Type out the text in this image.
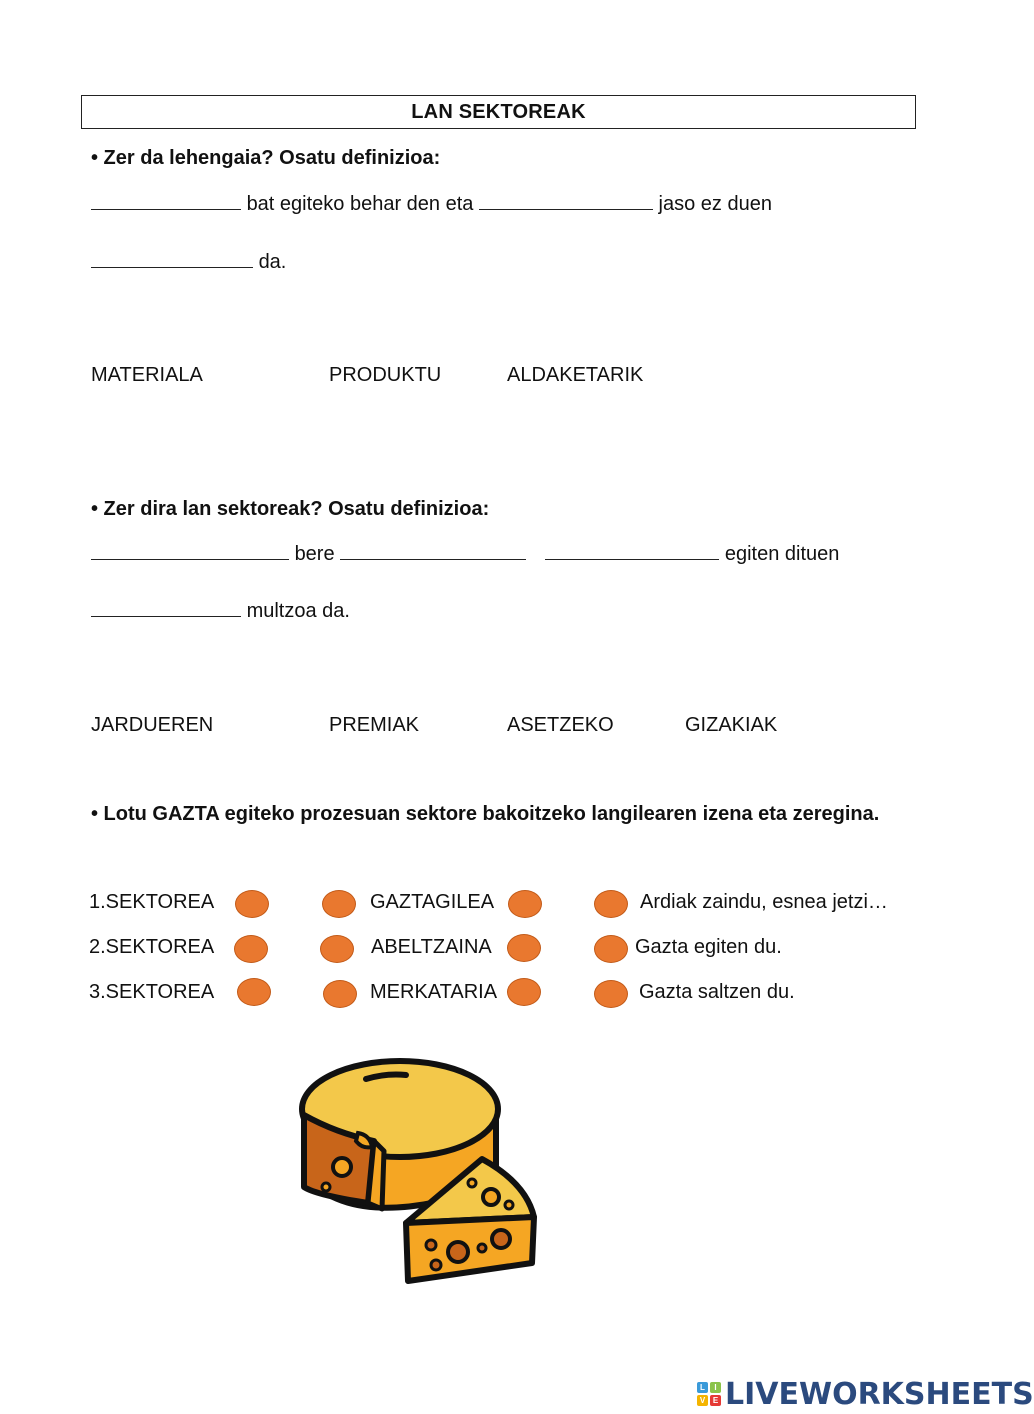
LAN SEKTOREAK
• Zer da lehengaia? Osatu definizioa:
bat egiteko behar den eta	jaso ez duen
da.
MATERIALA	PRODUKTU	ALDAKETARIK
• Zer dira lan sektoreak? Osatu definizioa:
bere	egiten dituen
multzoa da.
JARDUEREN	PREMIAK	ASETZEKO	GIZAKIAK
• Lotu GAZTA egiteko prozesuan sektore bakoitzeko langilearen izena eta zeregina.
1.SEKTOREA	GAZTAGILEA	Ardiak zaindu, esnea jetzi…
2.SEKTOREA	ABELTZAINA	Gazta egiten du.
3.SEKTOREA	MERKATARIA	Gazta saltzen du.
L	I
V E LIVEWORKSHEETS
